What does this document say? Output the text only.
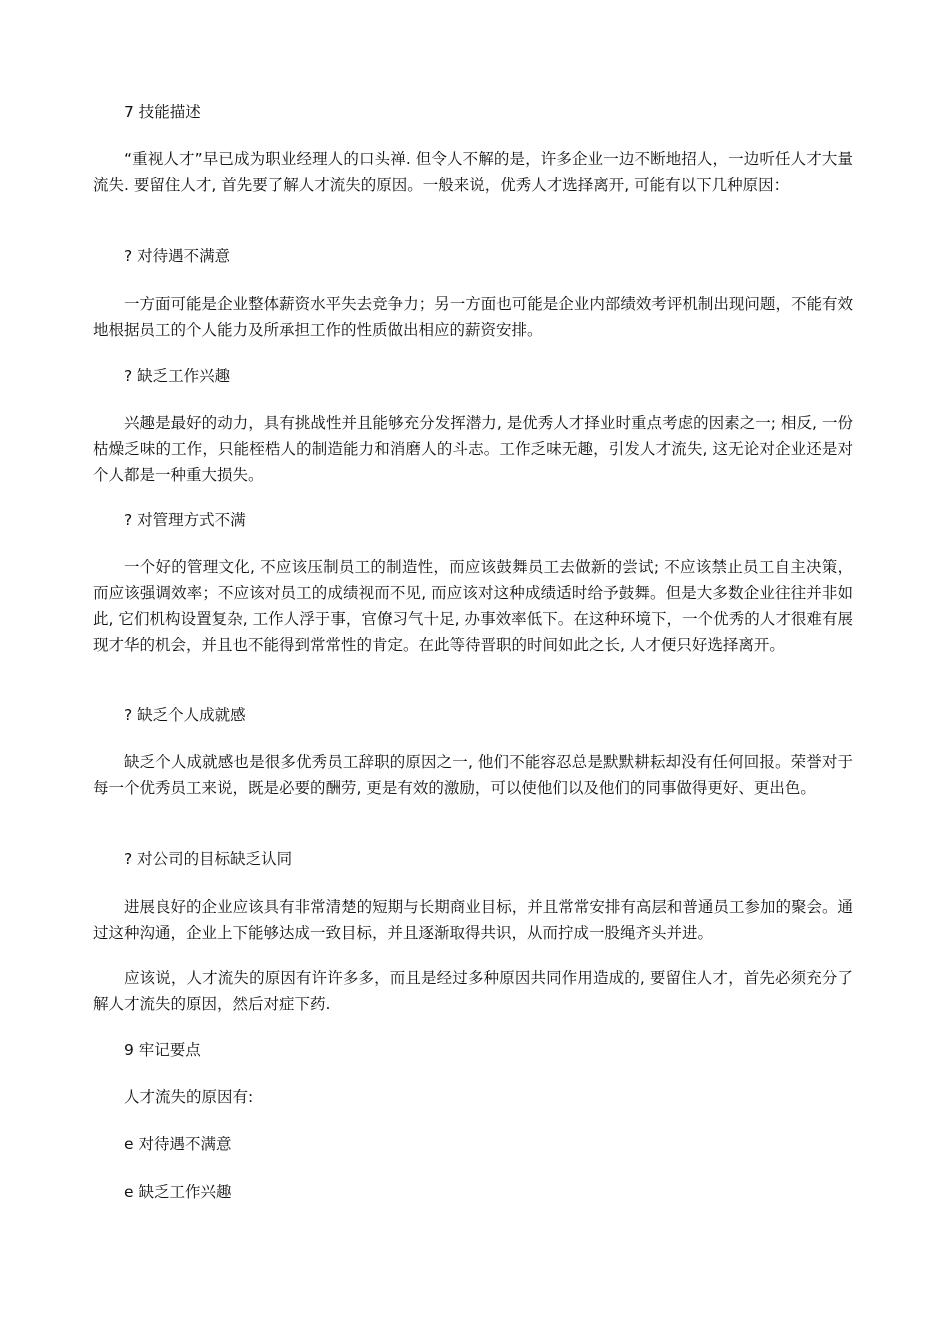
7 技能描述

“重视人才”早已成为职业经理人的口头禅. 但令人不解的是，许多企业一边不断地招人，一边听任人才大量流失. 要留住人才, 首先要了解人才流失的原因。一般来说，优秀人才选择离开, 可能有以下几种原因：

? 对待遇不满意

一方面可能是企业整体薪资水平失去竞争力；另一方面也可能是企业内部绩效考评机制出现问题，不能有效地根据员工的个人能力及所承担工作的性质做出相应的薪资安排。

? 缺乏工作兴趣

兴趣是最好的动力，具有挑战性并且能够充分发挥潜力, 是优秀人才择业时重点考虑的因素之一; 相反, 一份枯燥乏味的工作，只能桎梏人的制造能力和消磨人的斗志。工作乏味无趣，引发人才流失, 这无论对企业还是对个人都是一种重大损失。

? 对管理方式不满

一个好的管理文化, 不应该压制员工的制造性，而应该鼓舞员工去做新的尝试; 不应该禁止员工自主决策，而应该强调效率；不应该对员工的成绩视而不见, 而应该对这种成绩适时给予鼓舞。但是大多数企业往往并非如此, 它们机构设置复杂, 工作人浮于事，官僚习气十足, 办事效率低下。在这种环境下，一个优秀的人才很难有展现才华的机会，并且也不能得到常常性的肯定。在此等待晋职的时间如此之长, 人才便只好选择离开。

? 缺乏个人成就感

缺乏个人成就感也是很多优秀员工辞职的原因之一, 他们不能容忍总是默默耕耘却没有任何回报。荣誉对于每一个优秀员工来说，既是必要的酬劳, 更是有效的激励，可以使他们以及他们的同事做得更好、更出色。

? 对公司的目标缺乏认同

进展良好的企业应该具有非常清楚的短期与长期商业目标，并且常常安排有高层和普通员工参加的聚会。通过这种沟通，企业上下能够达成一致目标，并且逐渐取得共识，从而拧成一股绳齐头并进。

应该说，人才流失的原因有许许多多，而且是经过多种原因共同作用造成的, 要留住人才，首先必须充分了解人才流失的原因，然后对症下药.

9 牢记要点

人才流失的原因有:

e 对待遇不满意

e 缺乏工作兴趣
